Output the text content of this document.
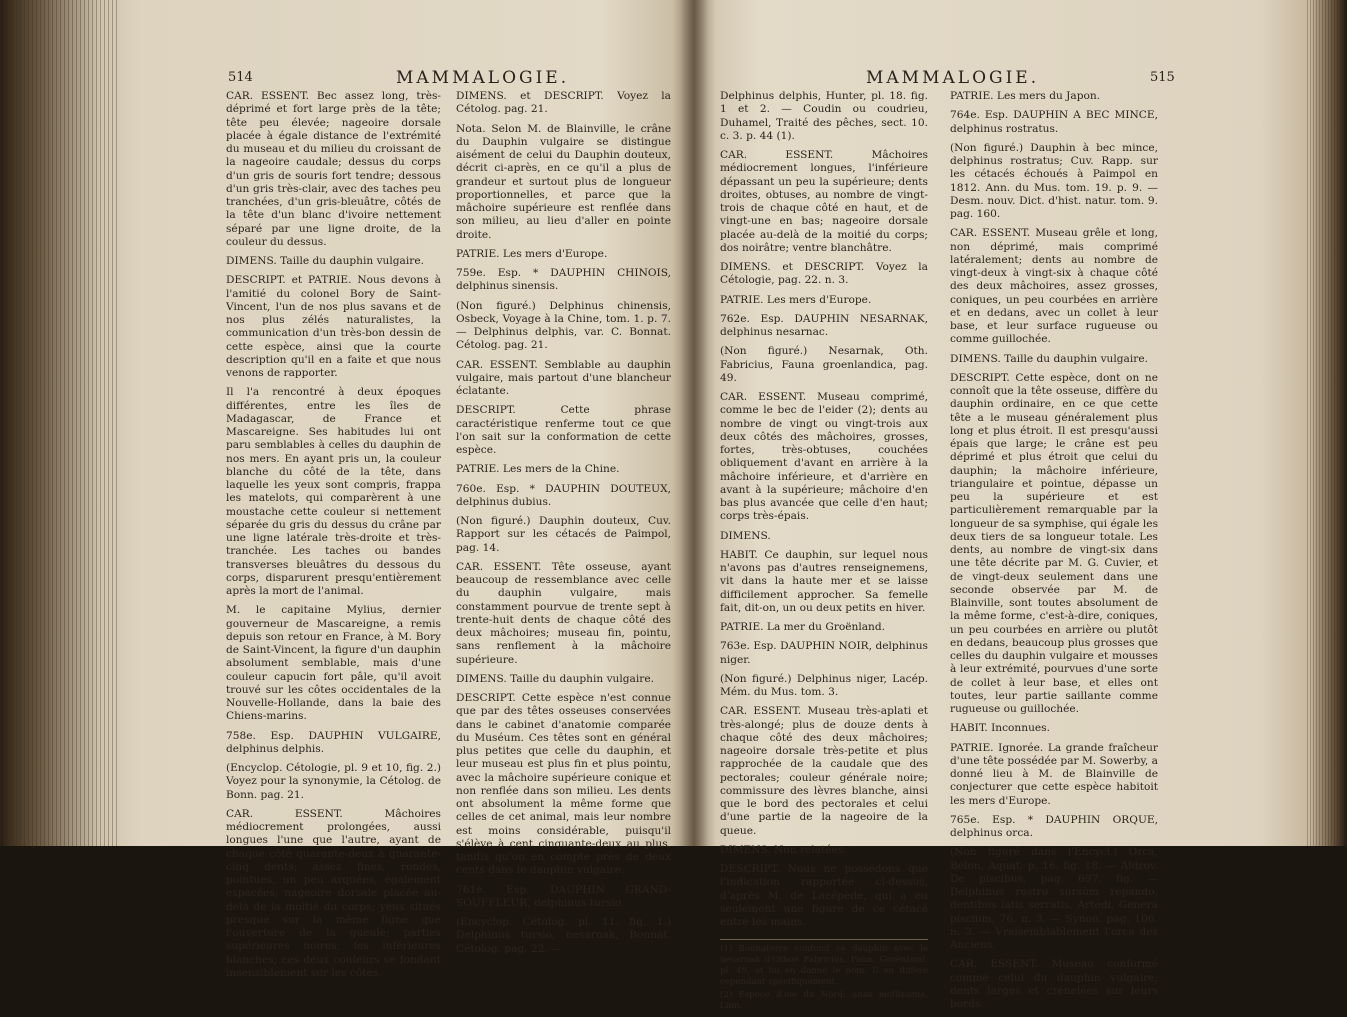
514	MAMMALOGIE.

CAR. ESSENT. Bec assez long, très-déprimé et fort large près de la tête; tête peu élevée; nageoire dorsale placée à égale distance de l'extrémité du museau et du milieu du croissant de la nageoire caudale; dessus du corps d'un gris de souris fort tendre; dessous d'un gris très-clair, avec des taches peu tranchées, d'un gris-bleuâtre, côtés de la tête d'un blanc d'ivoire nettement séparé par une ligne droite, de la couleur du dessus.

DIMENS. Taille du dauphin vulgaire.

DESCRIPT. et PATRIE. Nous devons à l'amitié du colonel Bory de Saint-Vincent, l'un de nos plus savans et de nos plus zélés naturalistes, la communication d'un très-bon dessin de cette espèce, ainsi que la courte description qu'il en a faite et que nous venons de rapporter.

Il l'a rencontré à deux époques différentes, entre les îles de Madagascar, de France et Mascareigne. Ses habitudes lui ont paru semblables à celles du dauphin de nos mers. En ayant pris un, la couleur blanche du côté de la tête, dans laquelle les yeux sont compris, frappa les matelots, qui comparèrent à une moustache cette couleur si nettement séparée du gris du dessus du crâne par une ligne latérale très-droite et très-tranchée. Les taches ou bandes transverses bleuâtres du dessous du corps, disparurent presqu'entièrement après la mort de l'animal.

M. le capitaine Mylius, dernier gouverneur de Mascareigne, a remis depuis son retour en France, à M. Bory de Saint-Vincent, la figure d'un dauphin absolument semblable, mais d'une couleur capucin fort pâle, qu'il avoit trouvé sur les côtes occidentales de la Nouvelle-Hollande, dans la baie des Chiens-marins.

758e. Esp. DAUPHIN VULGAIRE, delphinus delphis.

(Encyclop. Cétologie, pl. 9 et 10, fig. 2.) Voyez pour la synonymie, la Cétolog. de Bonn. pag. 21.

CAR. ESSENT. Mâchoires médiocrement prolongées, aussi longues l'une que l'autre, ayant de chaque côté quarante-deux à quarante-cinq dents; assez fines, rondes, pointues, un peu arquées, également espacées; nageoire dorsale placée au-delà de la moitié du corps; yeux situés presque sur la même ligne que l'ouverture de la gueule; parties supérieures noires, les inférieures blanches; ces deux couleurs se fondant insensiblement sur les côtés.

DIMENS. et DESCRIPT. Voyez la Cétolog. pag. 21.

Nota. Selon M. de Blainville, le crâne du Dauphin vulgaire se distingue aisément de celui du Dauphin douteux, décrit ci-après, en ce qu'il a plus de grandeur et surtout plus de longueur proportionnelles, et parce que la mâchoire supérieure est renflée dans son milieu, au lieu d'aller en pointe droite.

PATRIE. Les mers d'Europe.

759e. Esp. * DAUPHIN CHINOIS, delphinus sinensis.

(Non figuré.) Delphinus chinensis, Osbeck, Voyage à la Chine, tom. 1. p. 7. — Delphinus delphis, var. C. Bonnat. Cétolog. pag. 21.

CAR. ESSENT. Semblable au dauphin vulgaire, mais partout d'une blancheur éclatante.

DESCRIPT. Cette phrase caractéristique renferme tout ce que l'on sait sur la conformation de cette espèce.

PATRIE. Les mers de la Chine.

760e. Esp. * DAUPHIN DOUTEUX, delphinus dubius.

(Non figuré.) Dauphin douteux, Cuv. Rapport sur les cétacés de Paimpol, pag. 14.

CAR. ESSENT. Tête osseuse, ayant beaucoup de ressemblance avec celle du dauphin vulgaire, mais constamment pourvue de trente sept à trente-huit dents de chaque côté des deux mâchoires; museau fin, pointu, sans renflement à la mâchoire supérieure.

DIMENS. Taille du dauphin vulgaire.

DESCRIPT. Cette espèce n'est connue que par des têtes osseuses conservées dans le cabinet d'anatomie comparée du Muséum. Ces têtes sont en général plus petites que celle du dauphin, et leur museau est plus fin et plus pointu, avec la mâchoire supérieure conique et non renflée dans son milieu. Les dents ont absolument la même forme que celles de cet animal, mais leur nombre est moins considérable, puisqu'il s'élève à cent cinquante-deux au plus, tandis qu'on en compte près de deux cents dans le dauphin vulgaire.

761e. Esp. DAUPHIN GRAND-SOUFFLEUR, delphinus tursio.

(Encyclop. Cétolog. pl. 11. fig. 1.) Delphinus tursio, nesarnak, Bonnat. Cétolog. pag. 22. —

MAMMALOGIE.	515

Delphinus delphis, Hunter, pl. 18. fig. 1 et 2. — Coudin ou coudrieu, Duhamel, Traité des pêches, sect. 10. c. 3. p. 44 (1).

CAR. ESSENT. Mâchoires médiocrement longues, l'inférieure dépassant un peu la supérieure; dents droites, obtuses, au nombre de vingt-trois de chaque côté en haut, et de vingt-une en bas; nageoire dorsale placée au-delà de la moitié du corps; dos noirâtre; ventre blanchâtre.

DIMENS. et DESCRIPT. Voyez la Cétologie, pag. 22. n. 3.

PATRIE. Les mers d'Europe.

762e. Esp. DAUPHIN NESARNAK, delphinus nesarnac.

(Non figuré.) Nesarnak, Oth. Fabricius, Fauna groenlandica, pag. 49.

CAR. ESSENT. Museau comprimé, comme le bec de l'eider (2); dents au nombre de vingt ou vingt-trois aux deux côtés des mâchoires, grosses, fortes, très-obtuses, couchées obliquement d'avant en arrière à la mâchoire inférieure, et d'arrière en avant à la supérieure; mâchoire d'en bas plus avancée que celle d'en haut; corps très-épais.

DIMENS.

HABIT. Ce dauphin, sur lequel nous n'avons pas d'autres renseignemens, vit dans la haute mer et se laisse difficilement approcher. Sa femelle fait, dit-on, un ou deux petits en hiver.

PATRIE. La mer du Groënland.

763e. Esp. DAUPHIN NOIR, delphinus niger.

(Non figuré.) Delphinus niger, Lacép. Mém. du Mus. tom. 3.

CAR. ESSENT. Museau très-aplati et très-alongé; plus de douze dents à chaque côté des deux mâchoires; nageoire dorsale très-petite et plus rapprochée de la caudale que des pectorales; couleur générale noire; commissure des lèvres blanche, ainsi que le bord des pectorales et celui d'une partie de la nageoire de la queue.

DIMENS. Non relatées.

DESCRIPT. Nous ne possédons que l'indication rapportée ci-dessus, d'après M. de Lacépède, qui a eu seulement une figure de ce cétacé entre les mains.

(1) Bonnaterre confond ce dauphin avec le nesarnak d'Othon Fabricius, Faun. Groënland. pl. 49, et lui en donne le nom. Il en diffère cependant spécifiquement.

(2) Espèce d'oie du Nord: anas mollissima, Linn.

PATRIE. Les mers du Japon.

764e. Esp. DAUPHIN A BEC MINCE, delphinus rostratus.

(Non figuré.) Dauphin à bec mince, delphinus rostratus; Cuv. Rapp. sur les cétacés échoués à Paimpol en 1812. Ann. du Mus. tom. 19. p. 9. — Desm. nouv. Dict. d'hist. natur. tom. 9. pag. 160.

CAR. ESSENT. Museau grêle et long, non déprimé, mais comprimé latéralement; dents au nombre de vingt-deux à vingt-six à chaque côté des deux mâchoires, assez grosses, coniques, un peu courbées en arrière et en dedans, avec un collet à leur base, et leur surface rugueuse ou comme guillochée.

DIMENS. Taille du dauphin vulgaire.

DESCRIPT. Cette espèce, dont on ne connoît que la tête osseuse, diffère du dauphin ordinaire, en ce que cette tête a le museau généralement plus long et plus étroit. Il est presqu'aussi épais que large; le crâne est peu déprimé et plus étroit que celui du dauphin; la mâchoire inférieure, triangulaire et pointue, dépasse un peu la supérieure et est particulièrement remarquable par la longueur de sa symphise, qui égale les deux tiers de sa longueur totale. Les dents, au nombre de vingt-six dans une tête décrite par M. G. Cuvier, et de vingt-deux seulement dans une seconde observée par M. de Blainville, sont toutes absolument de la même forme, c'est-à-dire, coniques, un peu courbées en arrière ou plutôt en dedans, beaucoup plus grosses que celles du dauphin vulgaire et mousses à leur extrémité, pourvues d'une sorte de collet à leur base, et elles ont toutes, leur partie saillante comme rugueuse ou guillochée.

HABIT. Inconnues.

PATRIE. Ignorée. La grande fraîcheur d'une tête possédée par M. Sowerby, a donné lieu à M. de Blainville de conjecturer que cette espèce habitoit les mers d'Europe.

765e. Esp. * DAUPHIN ORQUE, delphinus orca.

(Non figuré dans l'Encycl.) Orca, Belon, Aquat. p. 16. fig. 18. — Aldrov. De piscibus, pag. 697. fig. — Delphinus rostro sursùm repando, dentibus latis serratis, Artédi, Genera piscium, 76. n. 3. — Synon. pag. 106. n. 3. — Vraisemblablement l'orca des Anciens.

CAR. ESSENT. Museau conformé comme celui du dauphin vulgaire; dents larges et crénelées sur leurs bords.
